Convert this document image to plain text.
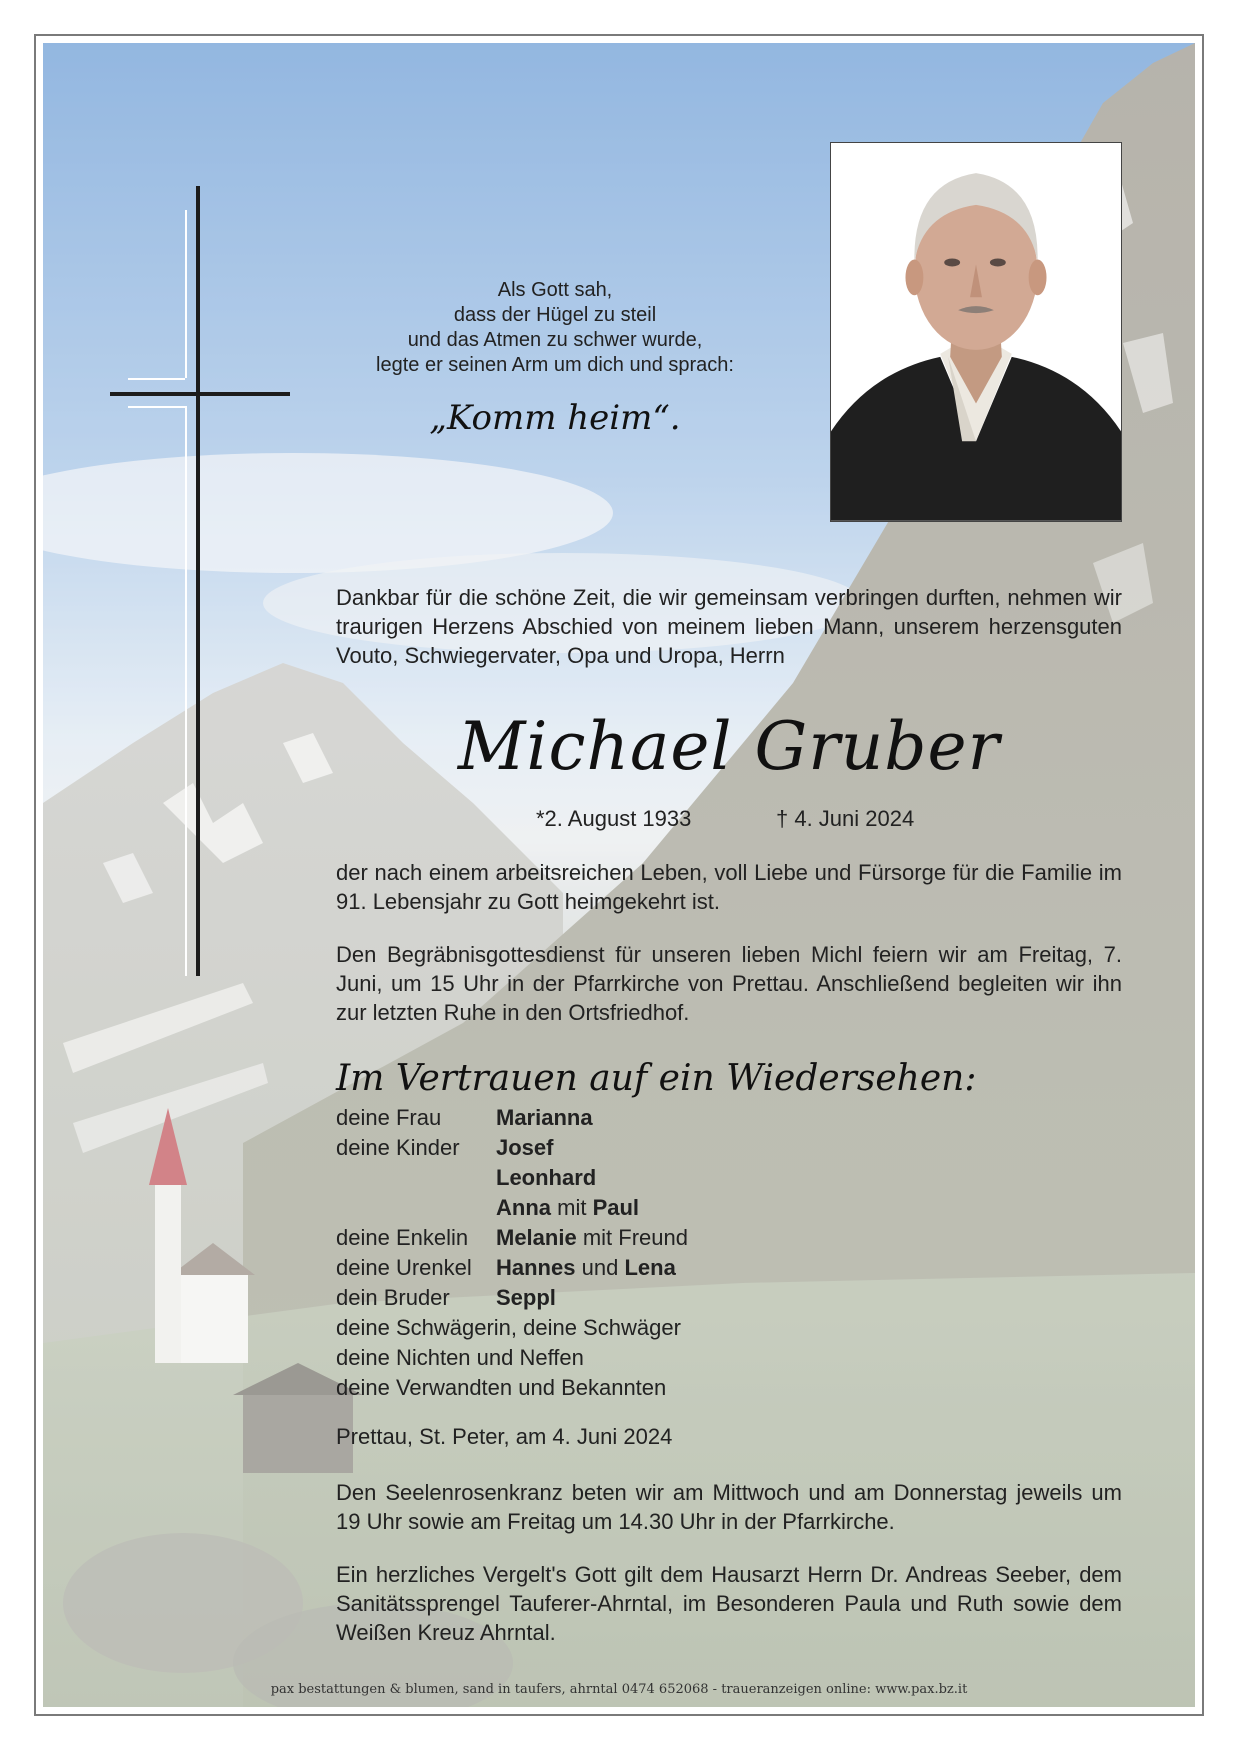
Als Gott sah,
dass der Hügel zu steil
und das Atmen zu schwer wurde,
legte er seinen Arm um dich und sprach:
„Komm heim“.
Dankbar für die schöne Zeit, die wir gemeinsam verbringen durften, nehmen wir traurigen Herzens Abschied von meinem lieben Mann, unserem herzensguten Vouto, Schwiegervater, Opa und Uropa, Herrn
Michael Gruber
*2. August 1933	† 4. Juni 2024
der nach einem arbeitsreichen Leben, voll Liebe und Fürsorge für die Familie im 91. Lebensjahr zu Gott heimgekehrt ist.
Den Begräbnisgottesdienst für unseren lieben Michl feiern wir am Freitag, 7. Juni, um 15 Uhr in der Pfarrkirche von Prettau. Anschließend begleiten wir ihn zur letzten Ruhe in den Ortsfriedhof.
Im Vertrauen auf ein Wiedersehen:
deine Frau	Marianna
deine Kinder	Josef
Leonhard
Anna mit Paul
deine Enkelin	Melanie mit Freund
deine Urenkel	Hannes und Lena
dein Bruder	Seppl
deine Schwägerin, deine Schwäger
deine Nichten und Neffen
deine Verwandten und Bekannten
Prettau, St. Peter, am 4. Juni 2024
Den Seelenrosenkranz beten wir am Mittwoch und am Donnerstag jeweils um 19 Uhr sowie am Freitag um 14.30 Uhr in der Pfarrkirche.
Ein herzliches Vergelt's Gott gilt dem Hausarzt Herrn Dr. Andreas Seeber, dem Sanitätssprengel Tauferer-Ahrntal, im Besonderen Paula und Ruth sowie dem Weißen Kreuz Ahrntal.
pax bestattungen & blumen, sand in taufers, ahrntal 0474 652068 - traueranzeigen online: www.pax.bz.it
